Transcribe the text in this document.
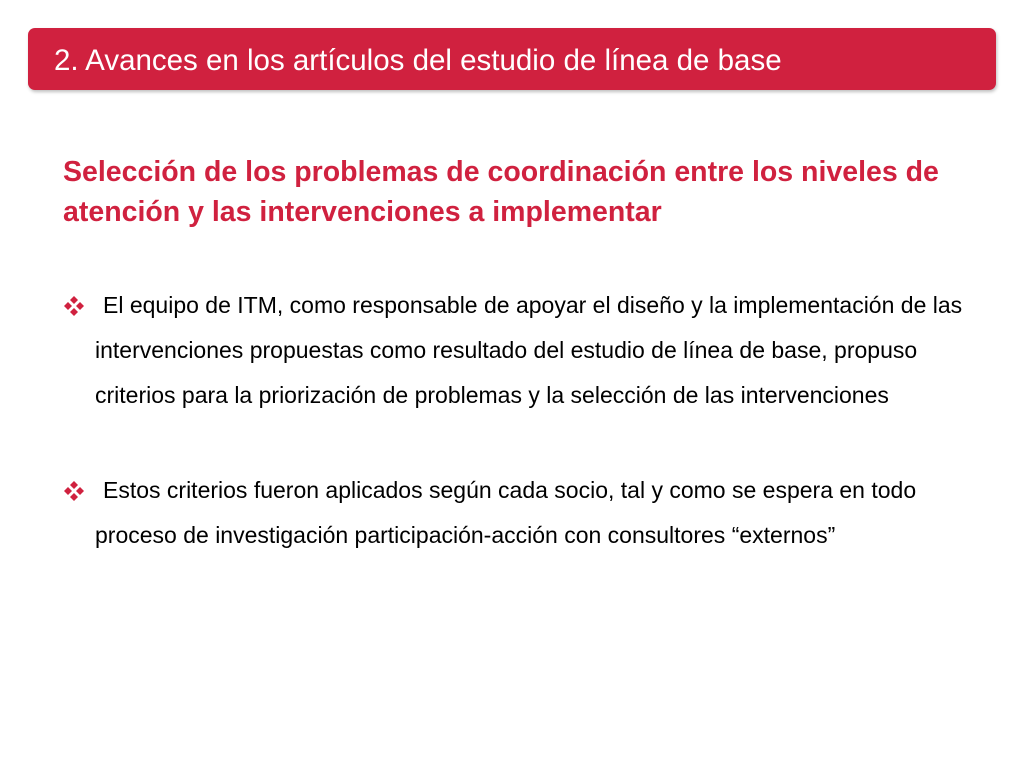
2. Avances en los artículos del estudio de línea de base
Selección de los problemas de coordinación entre los niveles de atención y las intervenciones a implementar
El equipo de ITM, como responsable de apoyar el diseño y la implementación de las intervenciones propuestas como resultado del estudio de línea de base, propuso criterios para la priorización de problemas y la selección de las intervenciones
Estos criterios fueron aplicados según cada socio, tal y como se espera en todo proceso de investigación participación-acción con consultores “externos”
